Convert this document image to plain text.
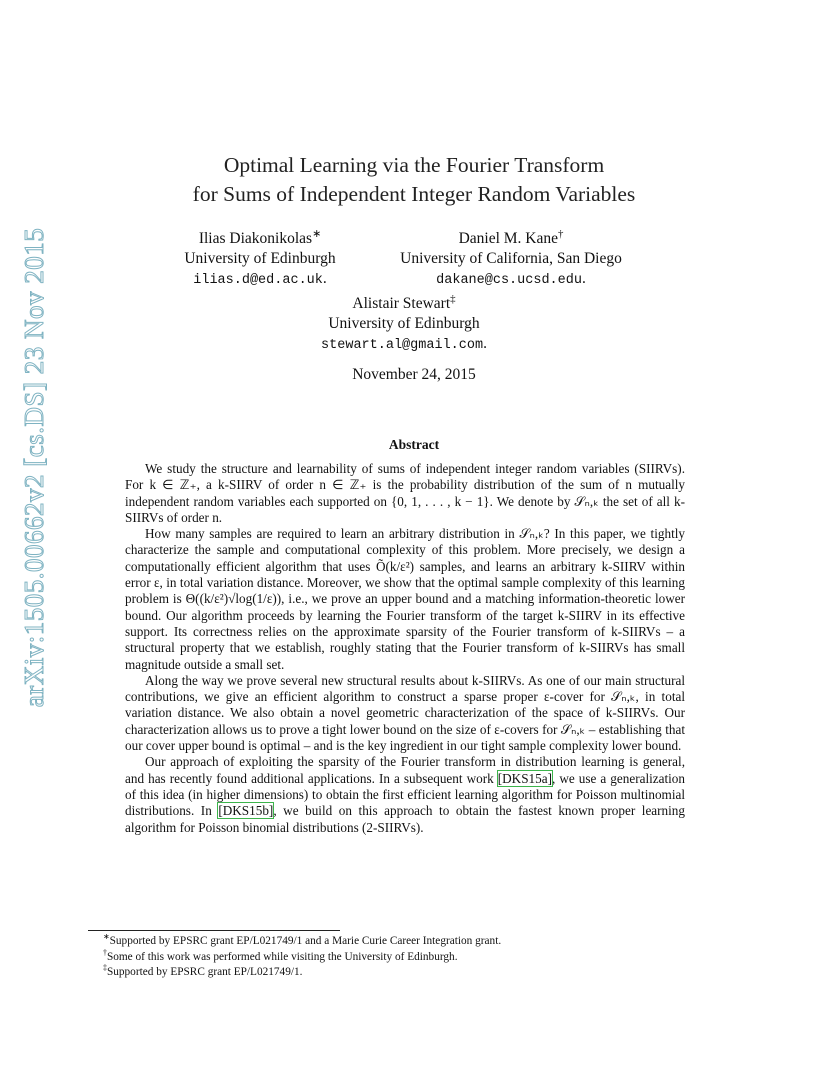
arXiv:1505.00662v2 [cs.DS] 23 Nov 2015
Optimal Learning via the Fourier Transform
for Sums of Independent Integer Random Variables
Ilias Diakonikolas∗
University of Edinburgh
ilias.d@ed.ac.uk.
Daniel M. Kane†
University of California, San Diego
dakane@cs.ucsd.edu.
Alistair Stewart‡
University of Edinburgh
stewart.al@gmail.com.
November 24, 2015
Abstract

We study the structure and learnability of sums of independent integer random variables (SIIRVs). For k ∈ ℤ₊, a k-SIIRV of order n ∈ ℤ₊ is the probability distribution of the sum of n mutually independent random variables each supported on {0, 1, . . . , k − 1}. We denote by 𝒮ₙ,ₖ the set of all k-SIIRVs of order n.

How many samples are required to learn an arbitrary distribution in 𝒮ₙ,ₖ? In this paper, we tightly characterize the sample and computational complexity of this problem. More precisely, we design a computationally efficient algorithm that uses Õ(k/ε²) samples, and learns an arbitrary k-SIIRV within error ε, in total variation distance. Moreover, we show that the optimal sample complexity of this learning problem is Θ((k/ε²)√log(1/ε)), i.e., we prove an upper bound and a matching information-theoretic lower bound. Our algorithm proceeds by learning the Fourier transform of the target k-SIIRV in its effective support. Its correctness relies on the approximate sparsity of the Fourier transform of k-SIIRVs – a structural property that we establish, roughly stating that the Fourier transform of k-SIIRVs has small magnitude outside a small set.

Along the way we prove several new structural results about k-SIIRVs. As one of our main structural contributions, we give an efficient algorithm to construct a sparse proper ε-cover for 𝒮ₙ,ₖ, in total variation distance. We also obtain a novel geometric characterization of the space of k-SIIRVs. Our characterization allows us to prove a tight lower bound on the size of ε-covers for 𝒮ₙ,ₖ – establishing that our cover upper bound is optimal – and is the key ingredient in our tight sample complexity lower bound.

Our approach of exploiting the sparsity of the Fourier transform in distribution learning is general, and has recently found additional applications. In a subsequent work [DKS15a], we use a generalization of this idea (in higher dimensions) to obtain the first efficient learning algorithm for Poisson multinomial distributions. In [DKS15b], we build on this approach to obtain the fastest known proper learning algorithm for Poisson binomial distributions (2-SIIRVs).

∗Supported by EPSRC grant EP/L021749/1 and a Marie Curie Career Integration grant.
†Some of this work was performed while visiting the University of Edinburgh.
‡Supported by EPSRC grant EP/L021749/1.
